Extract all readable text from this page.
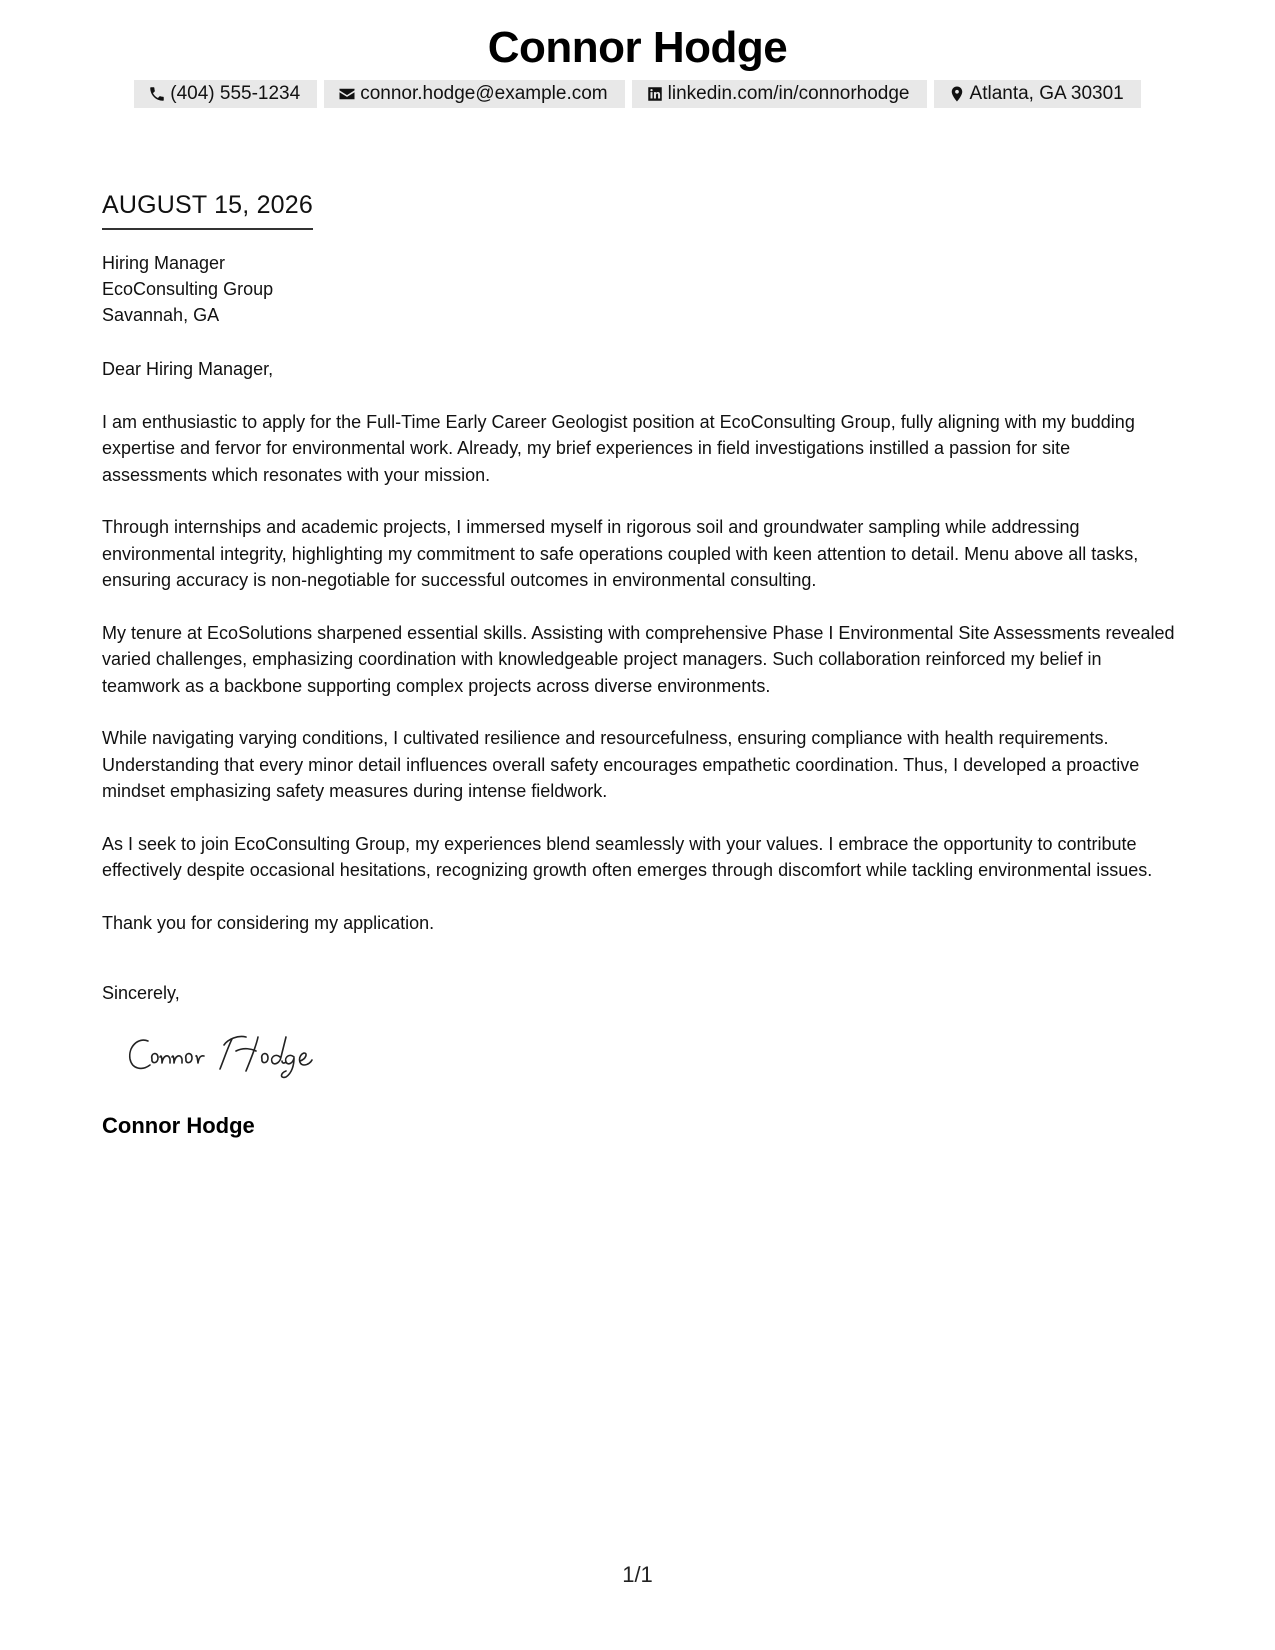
Connor Hodge
(404) 555-1234	connor.hodge@example.com	linkedin.com/in/connorhodge	Atlanta, GA 30301
AUGUST 15, 2026
Hiring Manager
EcoConsulting Group
Savannah, GA
Dear Hiring Manager,
I am enthusiastic to apply for the Full-Time Early Career Geologist position at EcoConsulting Group, fully aligning with my budding expertise and fervor for environmental work. Already, my brief experiences in field investigations instilled a passion for site assessments which resonates with your mission.
Through internships and academic projects, I immersed myself in rigorous soil and groundwater sampling while addressing environmental integrity, highlighting my commitment to safe operations coupled with keen attention to detail. Menu above all tasks, ensuring accuracy is non-negotiable for successful outcomes in environmental consulting.
My tenure at EcoSolutions sharpened essential skills. Assisting with comprehensive Phase I Environmental Site Assessments revealed varied challenges, emphasizing coordination with knowledgeable project managers. Such collaboration reinforced my belief in teamwork as a backbone supporting complex projects across diverse environments.
While navigating varying conditions, I cultivated resilience and resourcefulness, ensuring compliance with health requirements. Understanding that every minor detail influences overall safety encourages empathetic coordination. Thus, I developed a proactive mindset emphasizing safety measures during intense fieldwork.
As I seek to join EcoConsulting Group, my experiences blend seamlessly with your values. I embrace the opportunity to contribute effectively despite occasional hesitations, recognizing growth often emerges through discomfort while tackling environmental issues.
Thank you for considering my application.
Sincerely,
Connor Hodge
1/1
